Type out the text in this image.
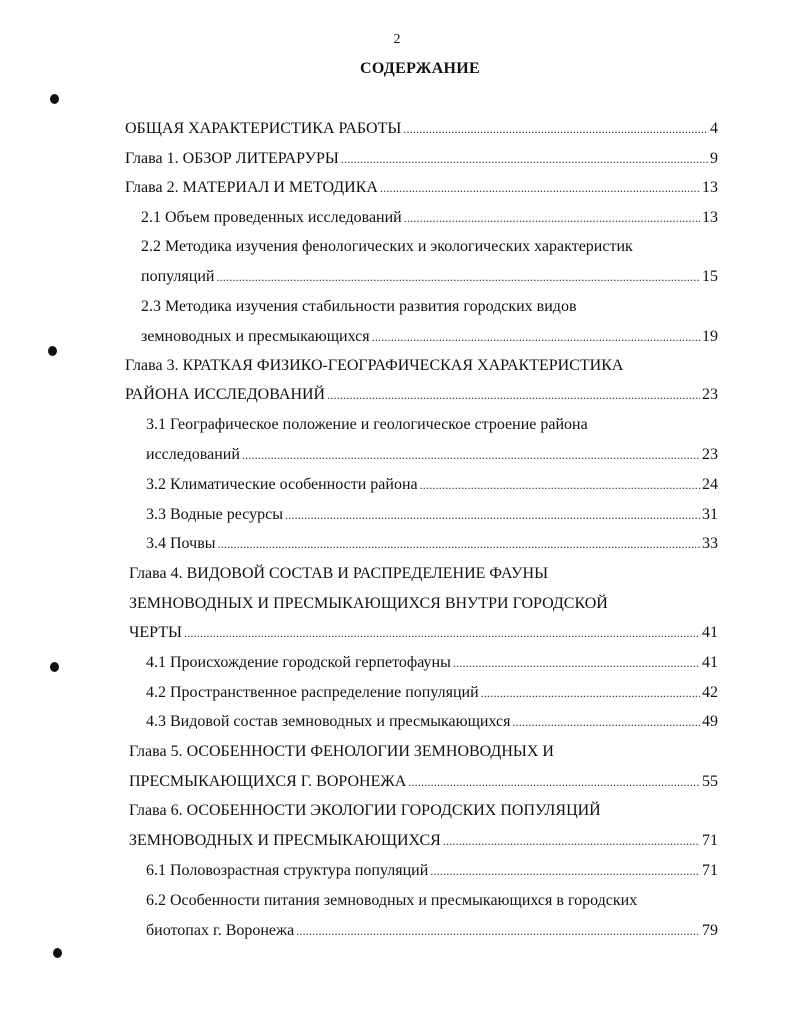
2
СОДЕРЖАНИЕ
ОБЩАЯ ХАРАКТЕРИСТИКА РАБОТЫ .....	4
Глава 1. ОБЗОР ЛИТЕРАРУРЫ .....	9
Глава 2. МАТЕРИАЛ И МЕТОДИКА .....	13
2.1 Объем проведенных исследований .....	13
2.2 Методика изучения фенологических и экологических характеристик
популяций .....	15
2.3 Методика изучения стабильности развития городских видов
земноводных и пресмыкающихся .....	19
Глава 3. КРАТКАЯ ФИЗИКО-ГЕОГРАФИЧЕСКАЯ ХАРАКТЕРИСТИКА
РАЙОНА ИССЛЕДОВАНИЙ .....	23
3.1 Географическое положение и геологическое строение района
исследований .....	23
3.2 Климатические особенности района .....	24
3.3 Водные ресурсы .....	31
3.4 Почвы .....	33
Глава 4. ВИДОВОЙ СОСТАВ И РАСПРЕДЕЛЕНИЕ ФАУНЫ
ЗЕМНОВОДНЫХ И ПРЕСМЫКАЮЩИХСЯ ВНУТРИ ГОРОДСКОЙ
ЧЕРТЫ .....	41
4.1 Происхождение городской герпетофауны .....	41
4.2 Пространственное распределение популяций .....	42
4.3 Видовой состав земноводных и пресмыкающихся .....	49
Глава 5. ОСОБЕННОСТИ ФЕНОЛОГИИ ЗЕМНОВОДНЫХ И
ПРЕСМЫКАЮЩИХСЯ Г. ВОРОНЕЖА .....	55
Глава 6. ОСОБЕННОСТИ ЭКОЛОГИИ ГОРОДСКИХ ПОПУЛЯЦИЙ
ЗЕМНОВОДНЫХ И ПРЕСМЫКАЮЩИХСЯ .....	71
6.1 Половозрастная структура популяций .....	71
6.2 Особенности питания земноводных и пресмыкающихся в городских
биотопах г. Воронежа .....	79
